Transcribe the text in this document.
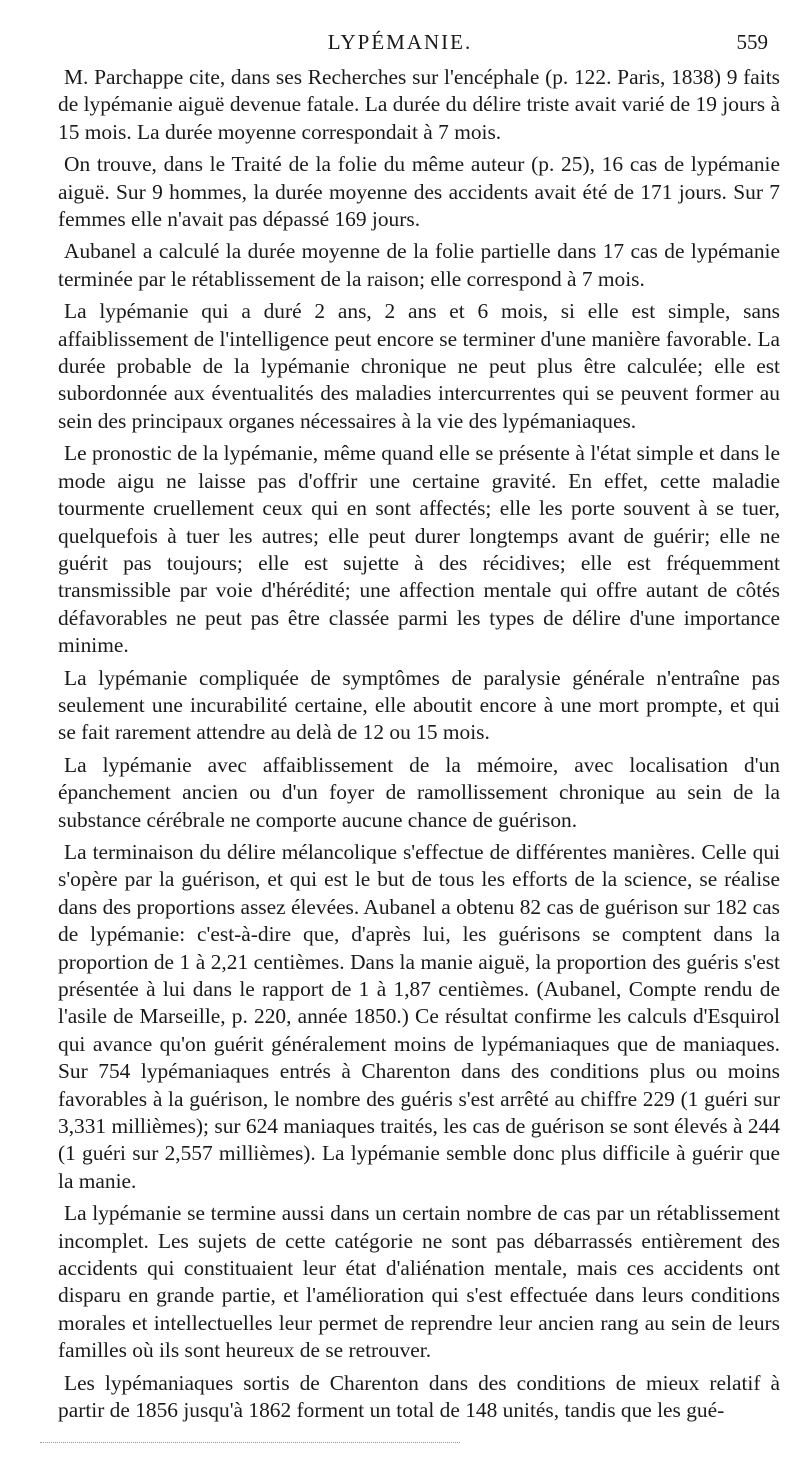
LYPÉMANIE.	559

M. Parchappe cite, dans ses Recherches sur l'encéphale (p. 122. Paris, 1838) 9 faits de lypémanie aiguë devenue fatale. La durée du délire triste avait varié de 19 jours à 15 mois. La durée moyenne correspondait à 7 mois.

On trouve, dans le Traité de la folie du même auteur (p. 25), 16 cas de lypémanie aiguë. Sur 9 hommes, la durée moyenne des accidents avait été de 171 jours. Sur 7 femmes elle n'avait pas dépassé 169 jours.

Aubanel a calculé la durée moyenne de la folie partielle dans 17 cas de lypémanie terminée par le rétablissement de la raison; elle correspond à 7 mois.

La lypémanie qui a duré 2 ans, 2 ans et 6 mois, si elle est simple, sans affaiblissement de l'intelligence peut encore se terminer d'une manière favorable. La durée probable de la lypémanie chronique ne peut plus être calculée; elle est subordonnée aux éventualités des maladies intercurrentes qui se peuvent former au sein des principaux organes nécessaires à la vie des lypémaniaques.

Le pronostic de la lypémanie, même quand elle se présente à l'état simple et dans le mode aigu ne laisse pas d'offrir une certaine gravité. En effet, cette maladie tourmente cruellement ceux qui en sont affectés; elle les porte souvent à se tuer, quelquefois à tuer les autres; elle peut durer longtemps avant de guérir; elle ne guérit pas toujours; elle est sujette à des récidives; elle est fréquemment transmissible par voie d'hérédité; une affection mentale qui offre autant de côtés défavorables ne peut pas être classée parmi les types de délire d'une importance minime.

La lypémanie compliquée de symptômes de paralysie générale n'entraîne pas seulement une incurabilité certaine, elle aboutit encore à une mort prompte, et qui se fait rarement attendre au delà de 12 ou 15 mois.

La lypémanie avec affaiblissement de la mémoire, avec localisation d'un épanchement ancien ou d'un foyer de ramollissement chronique au sein de la substance cérébrale ne comporte aucune chance de guérison.

La terminaison du délire mélancolique s'effectue de différentes manières. Celle qui s'opère par la guérison, et qui est le but de tous les efforts de la science, se réalise dans des proportions assez élevées. Aubanel a obtenu 82 cas de guérison sur 182 cas de lypémanie: c'est-à-dire que, d'après lui, les guérisons se comptent dans la proportion de 1 à 2,21 centièmes. Dans la manie aiguë, la proportion des guéris s'est présentée à lui dans le rapport de 1 à 1,87 centièmes. (Aubanel, Compte rendu de l'asile de Marseille, p. 220, année 1850.) Ce résultat confirme les calculs d'Esquirol qui avance qu'on guérit généralement moins de lypémaniaques que de maniaques. Sur 754 lypémaniaques entrés à Charenton dans des conditions plus ou moins favorables à la guérison, le nombre des guéris s'est arrêté au chiffre 229 (1 guéri sur 3,331 millièmes); sur 624 maniaques traités, les cas de guérison se sont élevés à 244 (1 guéri sur 2,557 millièmes). La lypémanie semble donc plus difficile à guérir que la manie.

La lypémanie se termine aussi dans un certain nombre de cas par un rétablissement incomplet. Les sujets de cette catégorie ne sont pas débarrassés entièrement des accidents qui constituaient leur état d'aliénation mentale, mais ces accidents ont disparu en grande partie, et l'amélioration qui s'est effectuée dans leurs conditions morales et intellectuelles leur permet de reprendre leur ancien rang au sein de leurs familles où ils sont heureux de se retrouver.

Les lypémaniaques sortis de Charenton dans des conditions de mieux relatif à partir de 1856 jusqu'à 1862 forment un total de 148 unités, tandis que les gué-
